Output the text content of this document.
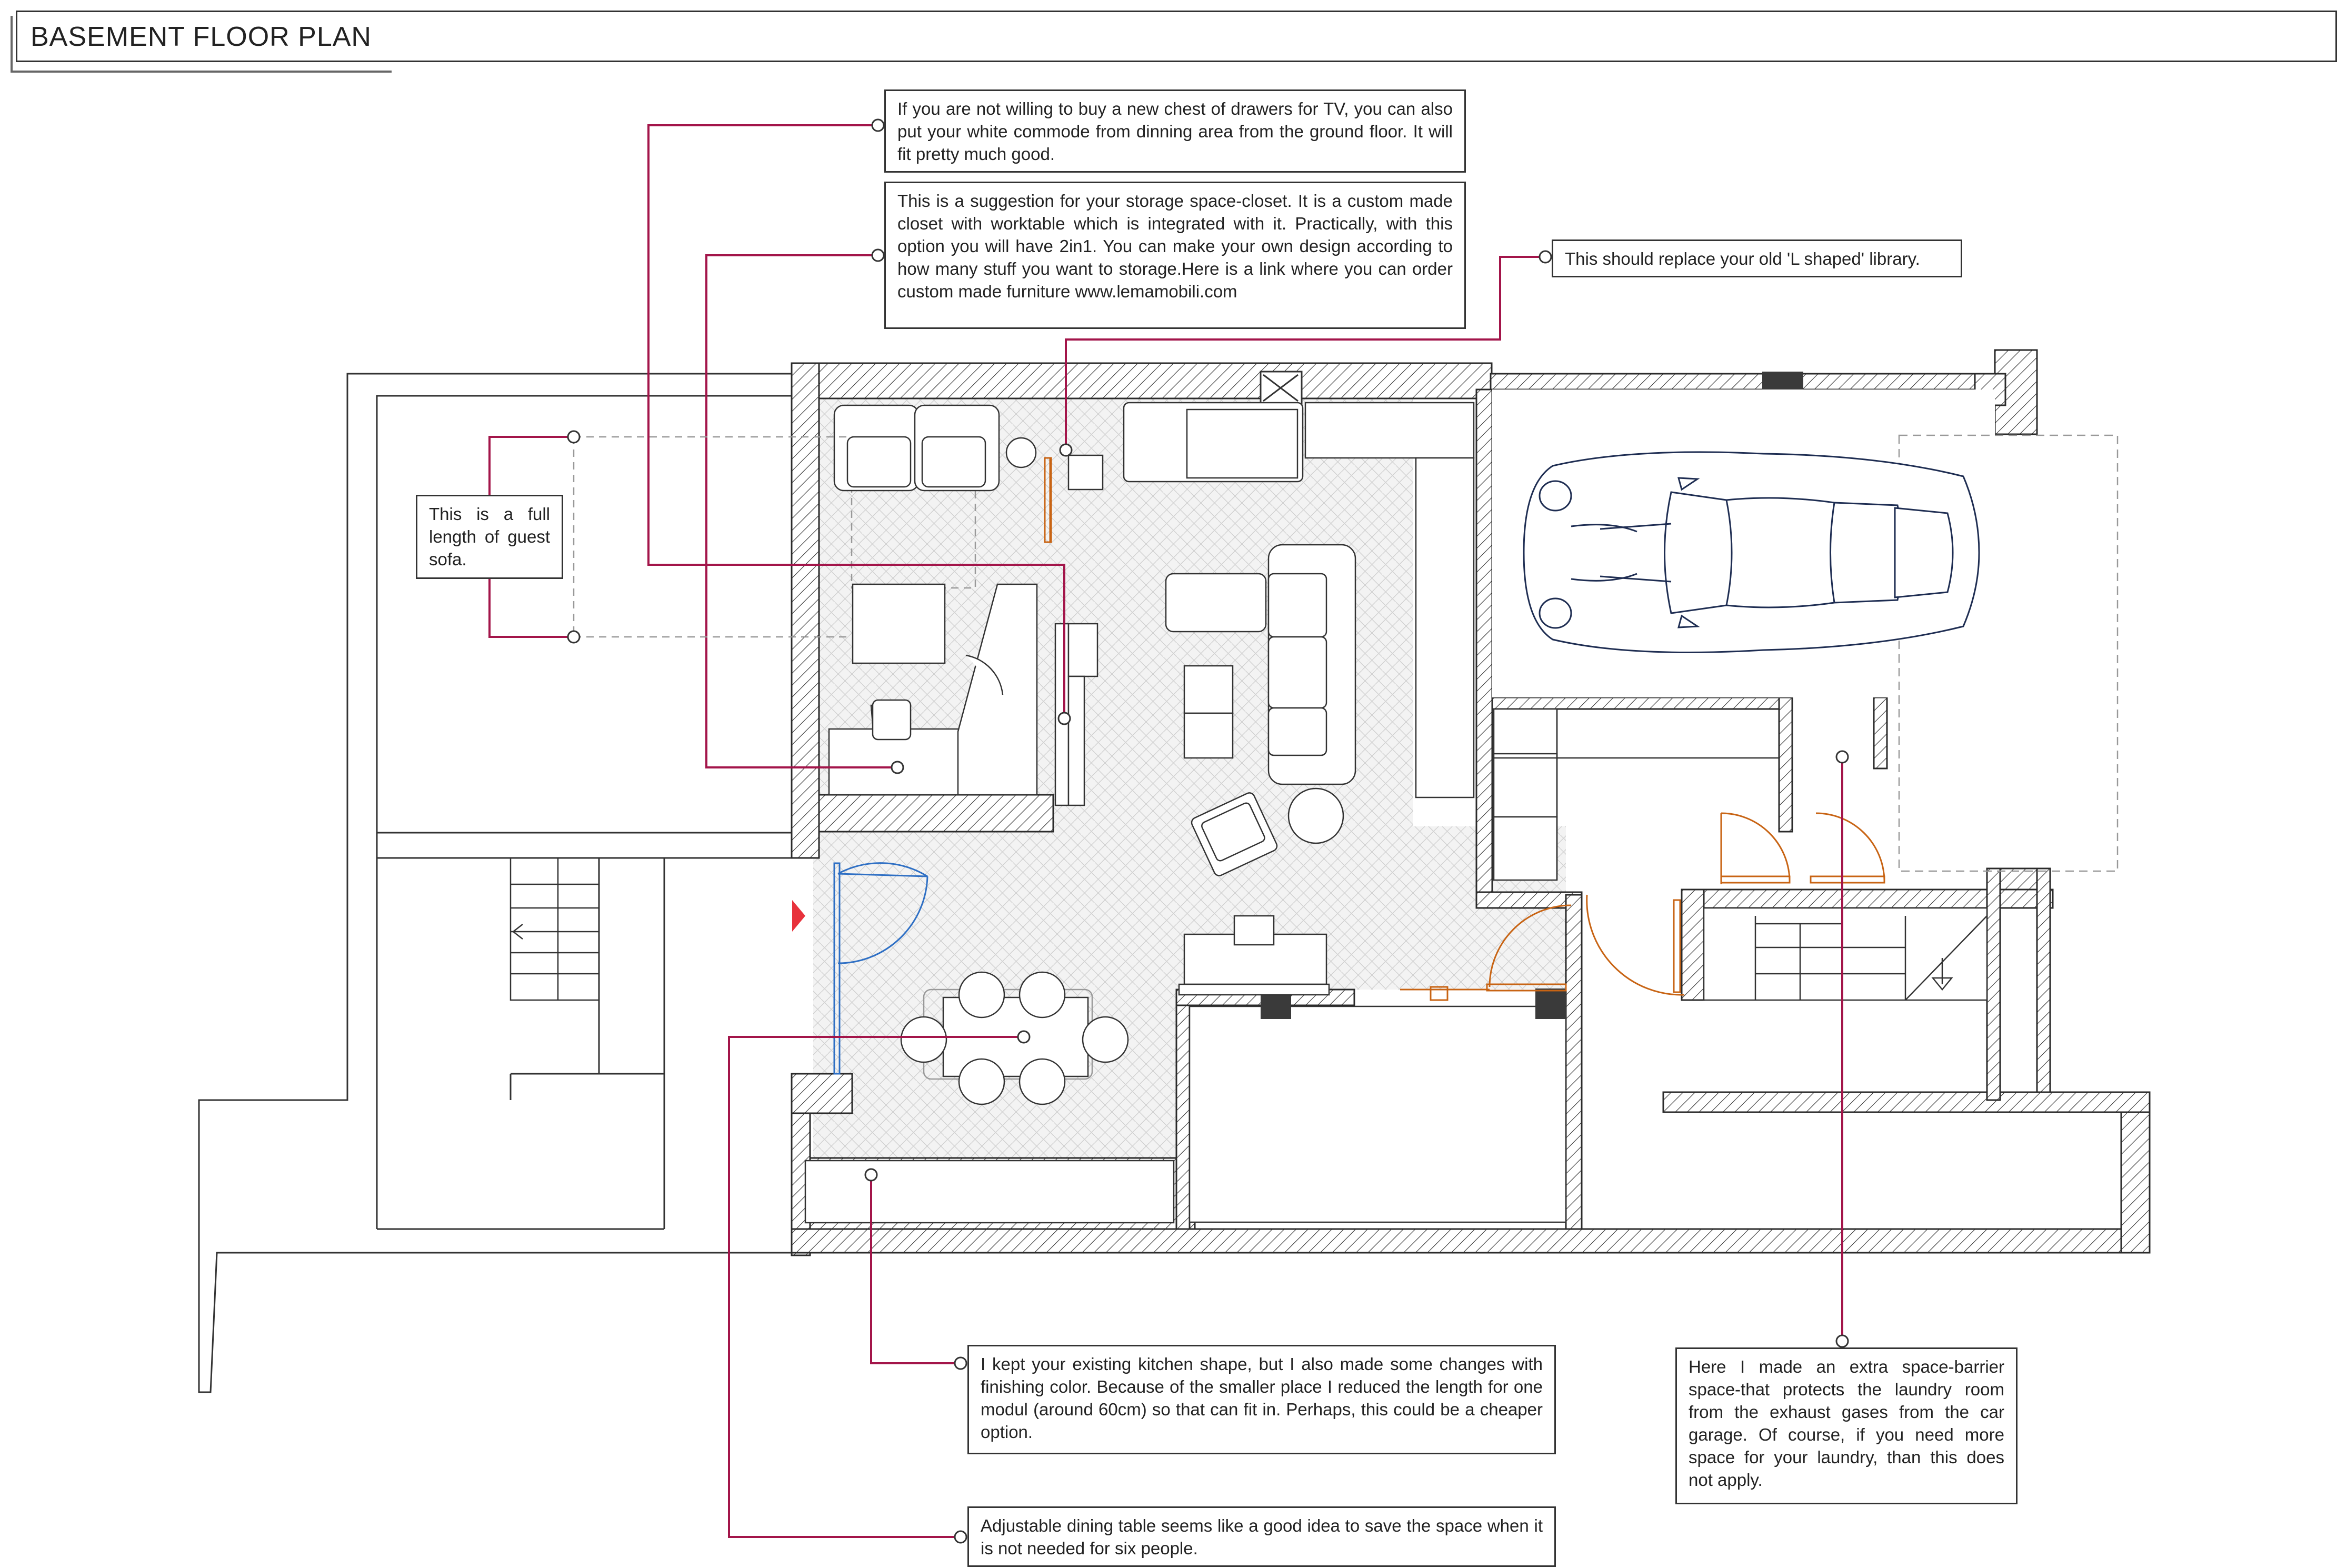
BASEMENT FLOOR PLAN
If you are not willing to buy a new chest of drawers for TV, you can also put your white commode from dinning area from the ground floor. It will fit pretty much good.
This is a suggestion for your storage space-closet. It is a custom made closet with worktable which is integrated with it. Practically, with this option you will have 2in1. You can make your own design according to how many stuff you want to storage.Here is a link where you can order custom made furniture www.lemamobili.com
This should replace your old 'L shaped' library.
This is a full length of guest sofa.
I kept your existing kitchen shape, but I also made some changes with finishing color. Because of the smaller place I reduced the length for one modul (around 60cm) so that can fit in. Perhaps, this could be a cheaper option.
Adjustable dining table seems like a good idea to save the space when it is not needed for six people.
Here I made an extra space-barrier space-that protects the laundry room from the exhaust gases from the car garage. Of course, if you need more space for your laundry, than this does not apply.
